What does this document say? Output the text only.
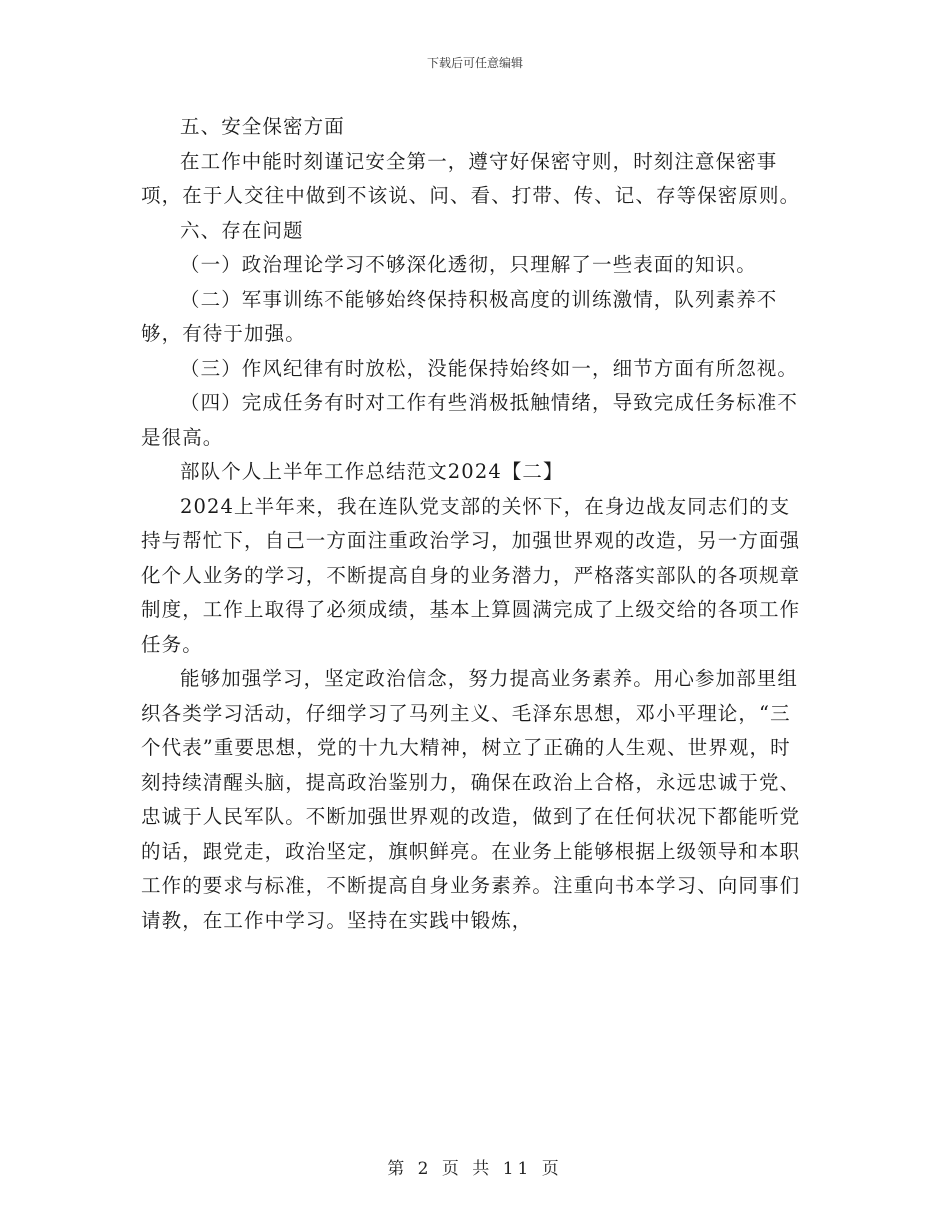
下载后可任意编辑

五、安全保密方面

在工作中能时刻谨记安全第一，遵守好保密守则，时刻注意保密事项，在于人交往中做到不该说、问、看、打带、传、记、存等保密原则。

六、存在问题

（一）政治理论学习不够深化透彻，只理解了一些表面的知识。

（二）军事训练不能够始终保持积极高度的训练激情，队列素养不够，有待于加强。

（三）作风纪律有时放松，没能保持始终如一，细节方面有所忽视。

（四）完成任务有时对工作有些消极抵触情绪，导致完成任务标准不是很高。

部队个人上半年工作总结范文2024【二】

2024上半年来，我在连队党支部的关怀下，在身边战友同志们的支持与帮忙下，自己一方面注重政治学习，加强世界观的改造，另一方面强化个人业务的学习，不断提高自身的业务潜力，严格落实部队的各项规章制度，工作上取得了必须成绩，基本上算圆满完成了上级交给的各项工作任务。

能够加强学习，坚定政治信念，努力提高业务素养。用心参加部里组织各类学习活动，仔细学习了马列主义、毛泽东思想，邓小平理论，“三个代表”重要思想，党的十九大精神，树立了正确的人生观、世界观，时刻持续清醒头脑，提高政治鉴别力，确保在政治上合格，永远忠诚于党、忠诚于人民军队。不断加强世界观的改造，做到了在任何状况下都能听党的话，跟党走，政治坚定，旗帜鲜亮。在业务上能够根据上级领导和本职工作的要求与标准，不断提高自身业务素养。注重向书本学习、向同事们请教，在工作中学习。坚持在实践中锻炼，

第 2 页 共 11 页
